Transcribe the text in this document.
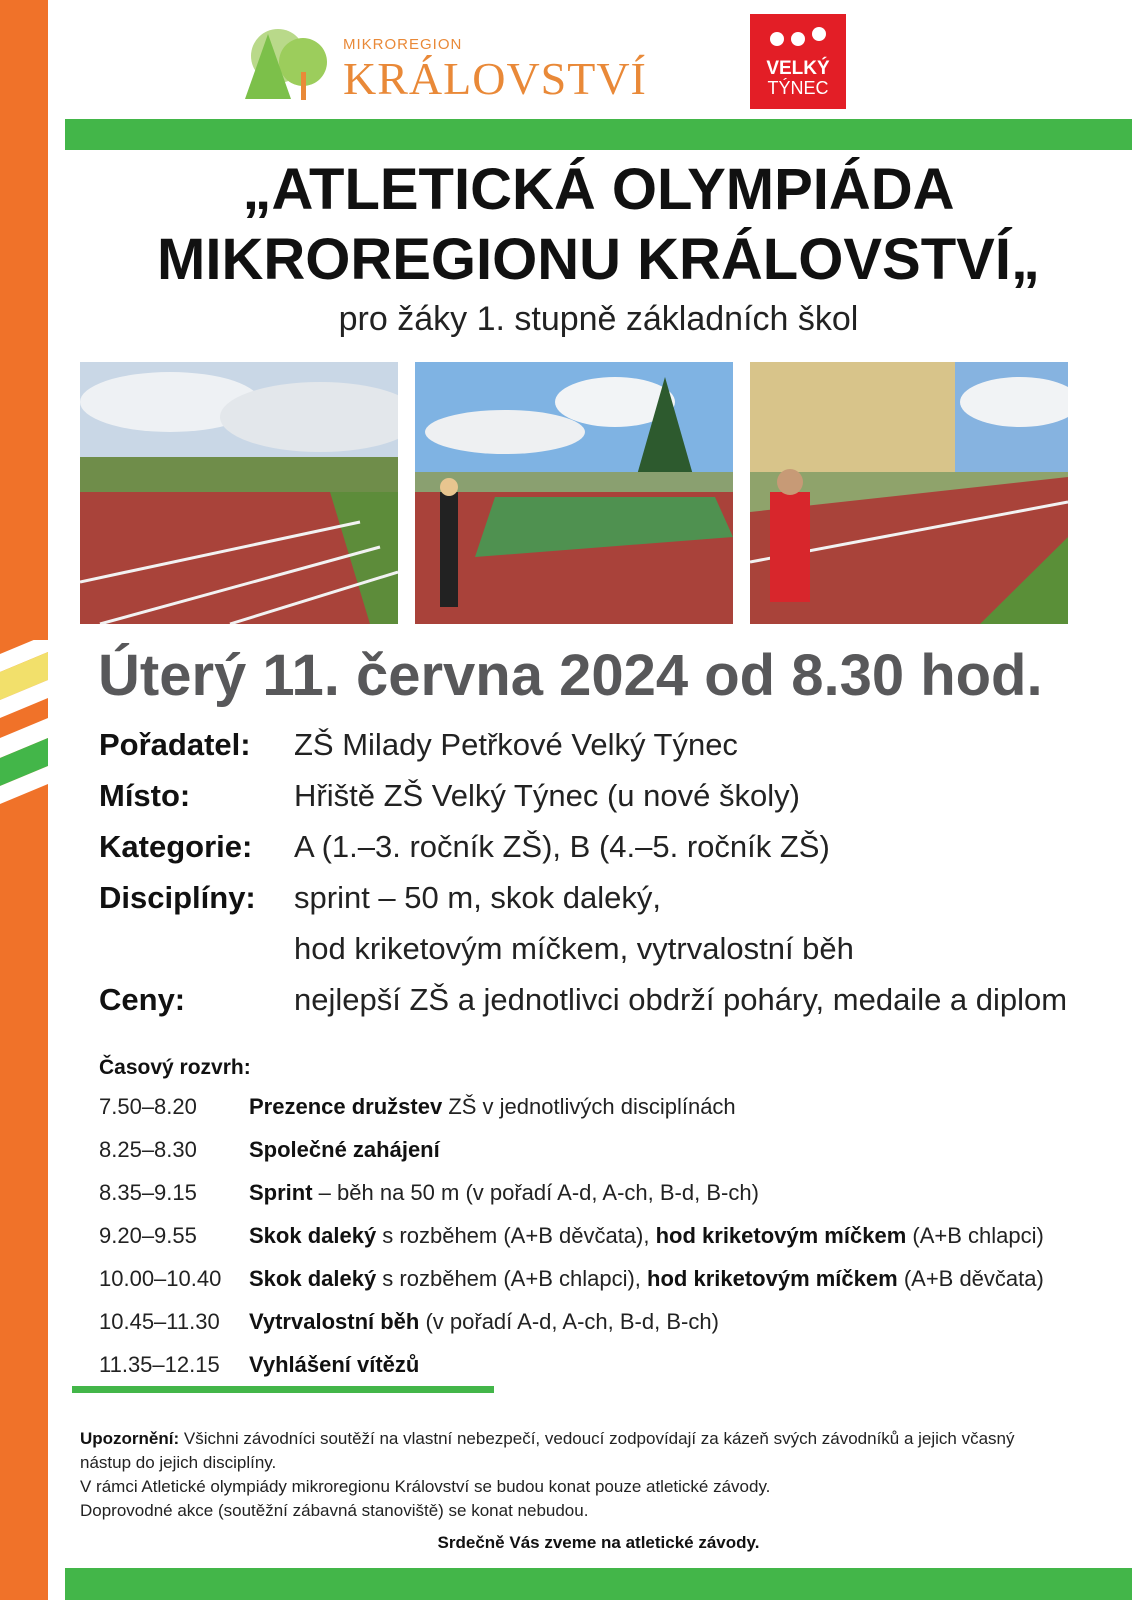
MIKROREGION
KRÁLOVSTVÍ	VELKÝ
TÝNEC
„ATLETICKÁ OLYMPIÁDA
MIKROREGIONU KRÁLOVSTVÍ„
pro žáky 1. stupně základních škol
Úterý 11. června 2024 od 8.30 hod.
Pořadatel: ZŠ Milady Petřkové Velký Týnec
Místo:	Hřiště ZŠ Velký Týnec (u nové školy)
Kategorie: A (1.–3. ročník ZŠ), B (4.–5. ročník ZŠ)
Disciplíny: sprint – 50 m, skok daleký,
hod kriketovým míčkem, vytrvalostní běh
Ceny:	nejlepší ZŠ a jednotlivci obdrží poháry, medaile a diplom
Časový rozvrh:
7.50–8.20 Prezence družstev ZŠ v jednotlivých disciplínách
8.25–8.30 Společné zahájení
8.35–9.15 Sprint – běh na 50 m (v pořadí A-d, A-ch, B-d, B-ch)
9.20–9.55 Skok daleký s rozběhem (A+B děvčata), hod kriketovým míčkem (A+B chlapci)
10.00–10.40 Skok daleký s rozběhem (A+B chlapci), hod kriketovým míčkem (A+B děvčata)
10.45–11.30 Vytrvalostní běh (v pořadí A-d, A-ch, B-d, B-ch)
11.35–12.15 Vyhlášení vítězů
Upozornění: Všichni závodníci soutěží na vlastní nebezpečí, vedoucí zodpovídají za kázeň svých závodníků a jejich včasný nástup do jejich disciplíny.
V rámci Atletické olympiády mikroregionu Království se budou konat pouze atletické závody.
Doprovodné akce (soutěžní zábavná stanoviště) se konat nebudou.
Srdečně Vás zveme na atletické závody.
